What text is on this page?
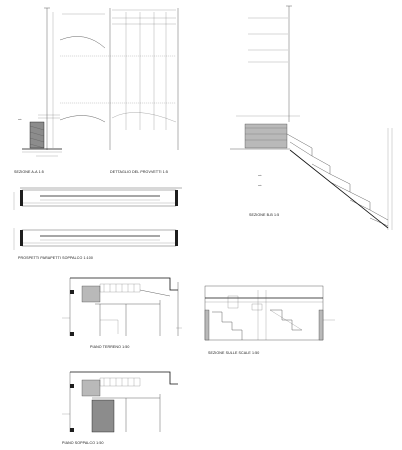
nota
SEZIONE A-A 1:5	DETTAGLIO DEL PROVVETTI 1:5
nota
nota
SEZIONE B-B 1:5
PROSPETTI PARAPETTI SOPPALCO 1:100
PIANO TERRENO 1:50
SEZIONE SULLE SCALE 1:50
PIANO SOPPALCO 1:50
